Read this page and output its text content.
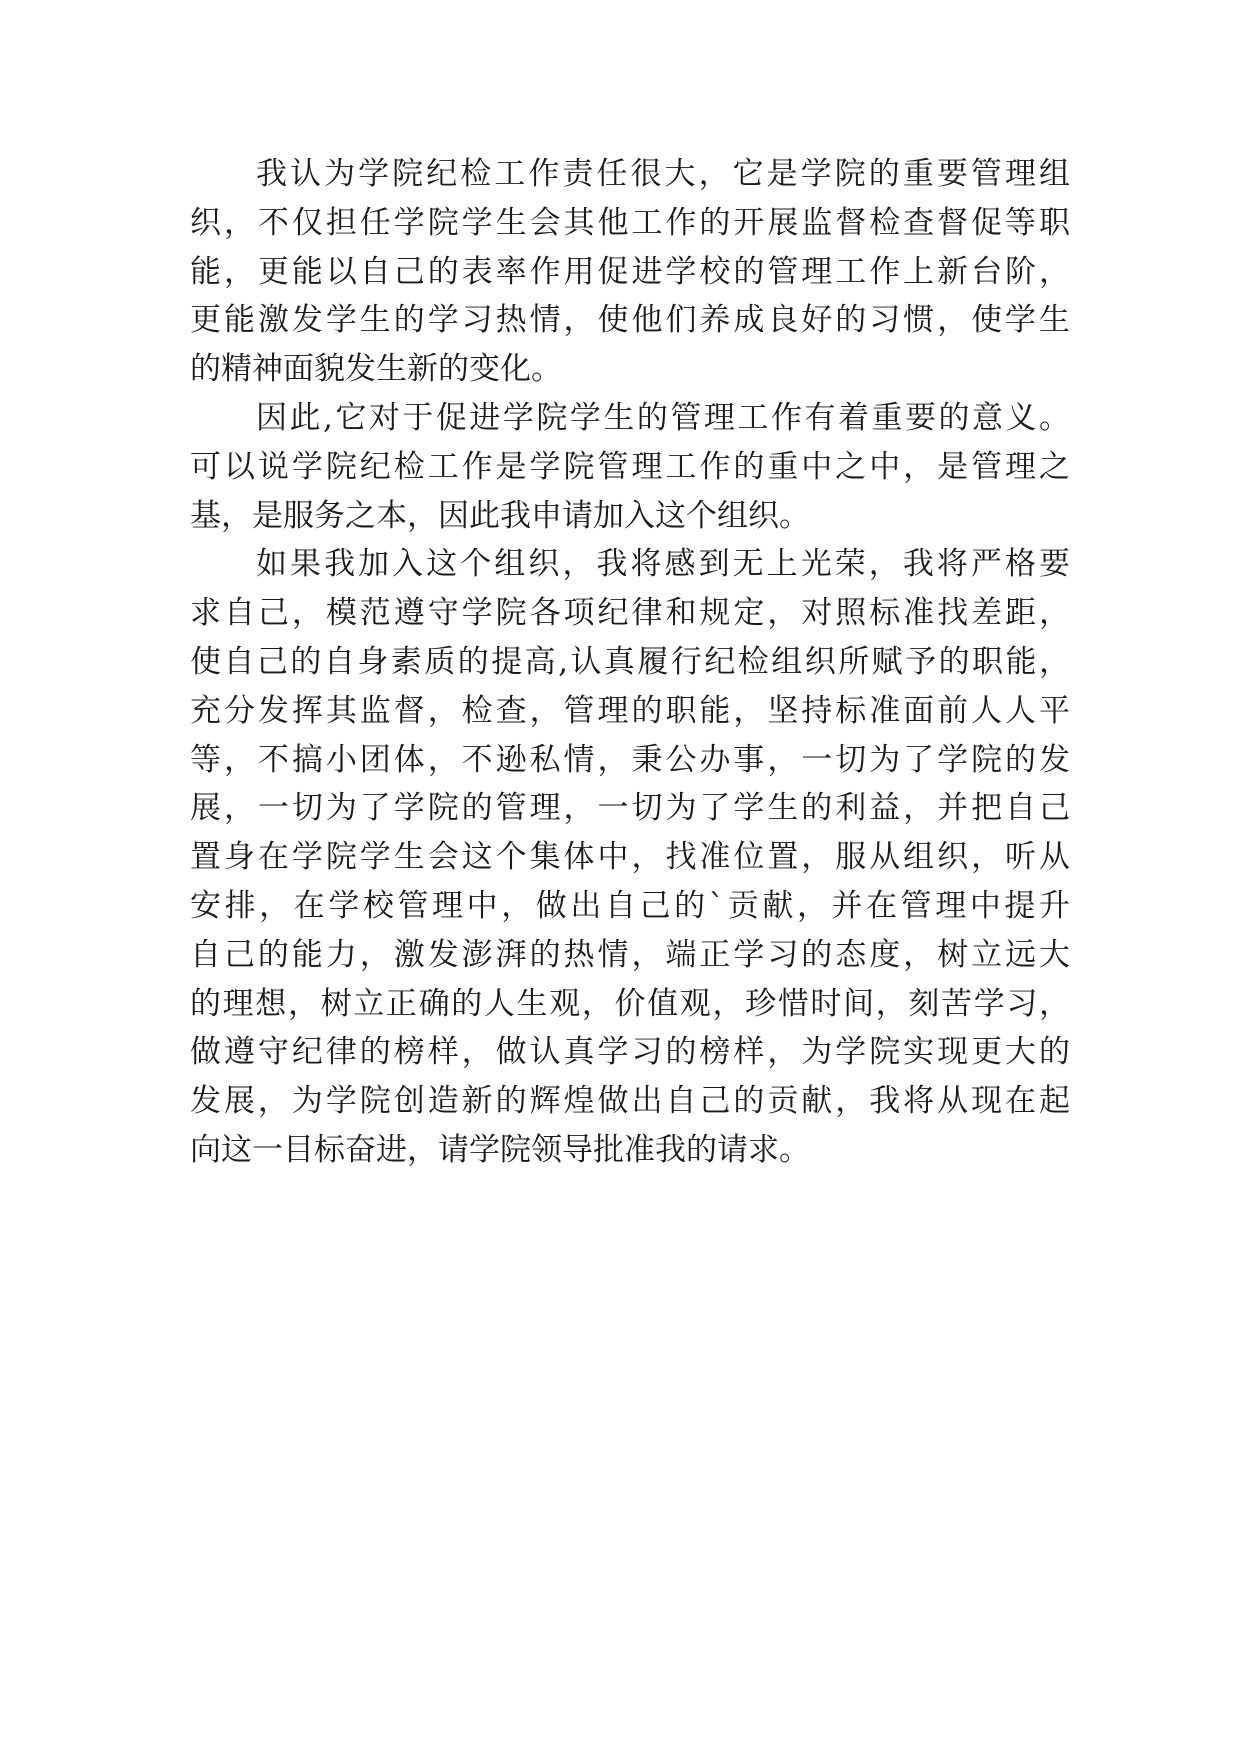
我认为学院纪检工作责任很大，它是学院的重要管理组
织，不仅担任学院学生会其他工作的开展监督检查督促等职
能，更能以自己的表率作用促进学校的管理工作上新台阶，
更能激发学生的学习热情，使他们养成良好的习惯，使学生
的精神面貌发生新的变化。
因此,它对于促进学院学生的管理工作有着重要的意义。
可以说学院纪检工作是学院管理工作的重中之中，是管理之
基，是服务之本，因此我申请加入这个组织。
如果我加入这个组织，我将感到无上光荣，我将严格要
求自己，模范遵守学院各项纪律和规定，对照标准找差距，
使自己的自身素质的提高,认真履行纪检组织所赋予的职能，
充分发挥其监督，检查，管理的职能，坚持标准面前人人平
等，不搞小团体，不逊私情，秉公办事，一切为了学院的发
展，一切为了学院的管理，一切为了学生的利益，并把自己
置身在学院学生会这个集体中，找准位置，服从组织，听从
安排，在学校管理中，做出自己的`贡献，并在管理中提升
自己的能力，激发澎湃的热情，端正学习的态度，树立远大
的理想，树立正确的人生观，价值观，珍惜时间，刻苦学习，
做遵守纪律的榜样，做认真学习的榜样，为学院实现更大的
发展，为学院创造新的辉煌做出自己的贡献，我将从现在起
向这一目标奋进，请学院领导批准我的请求。
